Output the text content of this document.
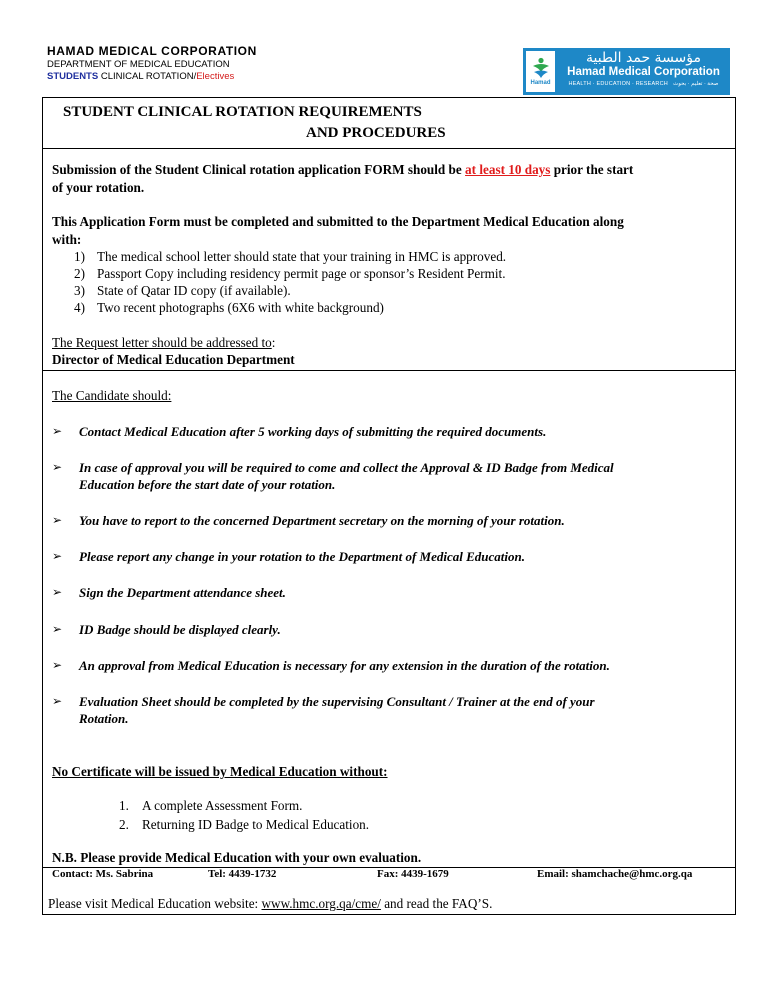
HAMAD MEDICAL CORPORATION
DEPARTMENT OF MEDICAL EDUCATION
STUDENTS CLINICAL ROTATION/Electives
Hamad
مؤسسة حمد الطبية
Hamad Medical Corporation
HEALTH · EDUCATION · RESEARCH صحة · تعليم · بحوث
STUDENT CLINICAL ROTATION REQUIREMENTS
AND PROCEDURES
Submission of the Student Clinical rotation application FORM should be at least 10 days prior the start
of your rotation.
This Application Form must be completed and submitted to the Department Medical Education along
with:
1) The medical school letter should state that your training in HMC is approved.
2) Passport Copy including residency permit page or sponsor’s Resident Permit.
3) State of Qatar ID copy (if available).
4) Two recent photographs (6X6 with white background)
The Request letter should be addressed to:
Director of Medical Education Department
The Candidate should:
➢ Contact Medical Education after 5 working days of submitting the required documents.
➢ In case of approval you will be required to come and collect the Approval & ID Badge from Medical
Education before the start date of your rotation.
➢ You have to report to the concerned Department secretary on the morning of your rotation.
➢ Please report any change in your rotation to the Department of Medical Education.
➢ Sign the Department attendance sheet.
➢ ID Badge should be displayed clearly.
➢ An approval from Medical Education is necessary for any extension in the duration of the rotation.
➢ Evaluation Sheet should be completed by the supervising Consultant / Trainer at the end of your
Rotation.
No Certificate will be issued by Medical Education without:
1. A complete Assessment Form.
2. Returning ID Badge to Medical Education.
N.B. Please provide Medical Education with your own evaluation.
Contact: Ms. Sabrina	Tel: 4439-1732	Fax: 4439-1679	Email: shamchache@hmc.org.qa
Please visit Medical Education website: www.hmc.org.qa/cme/ and read the FAQ’S.
